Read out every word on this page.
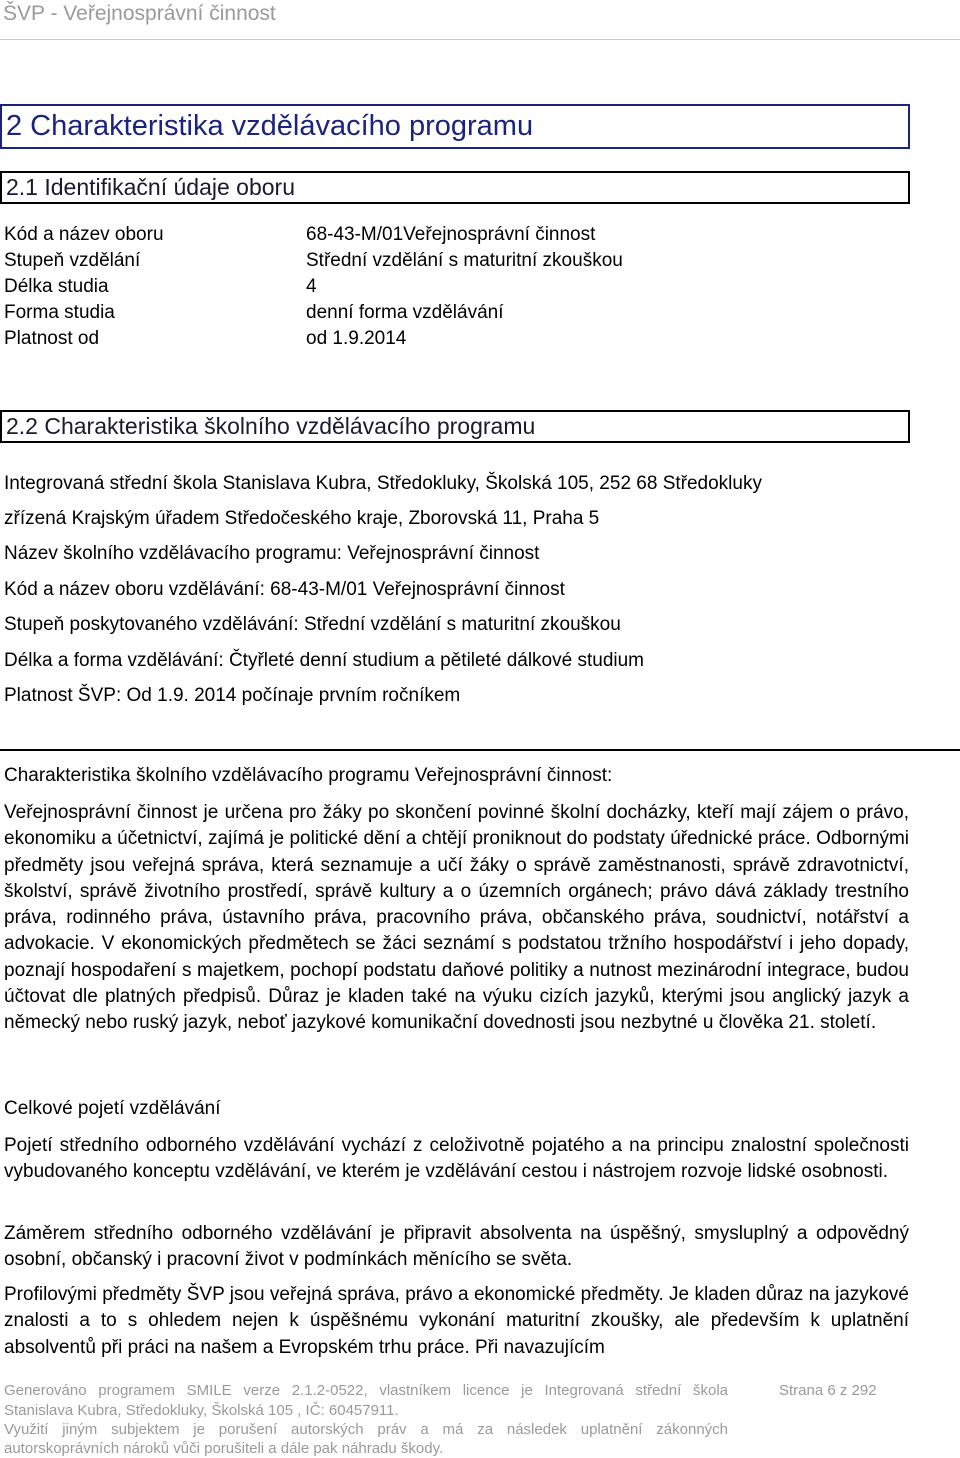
ŠVP - Veřejnosprávní činnost
2 Charakteristika vzdělávacího programu
2.1 Identifikační údaje oboru
Kód a název oboru	68-43-M/01Veřejnosprávní činnost
Stupeň vzdělání	Střední vzdělání s maturitní zkouškou
Délka studia	4
Forma studia	denní forma vzdělávání
Platnost od	od 1.9.2014
2.2 Charakteristika školního vzdělávacího programu
Integrovaná střední škola Stanislava Kubra, Středokluky, Školská 105, 252 68 Středokluky
zřízená Krajským úřadem Středočeského kraje, Zborovská 11, Praha 5
Název školního vzdělávacího programu: Veřejnosprávní činnost
Kód a název oboru vzdělávání: 68-43-M/01 Veřejnosprávní činnost
Stupeň poskytovaného vzdělávání: Střední vzdělání s maturitní zkouškou
Délka a forma vzdělávání: Čtyřleté denní studium a pětileté dálkové studium
Platnost ŠVP: Od 1.9. 2014 počínaje prvním ročníkem
Charakteristika školního vzdělávacího programu Veřejnosprávní činnost:
Veřejnosprávní činnost je určena pro žáky po skončení povinné školní docházky, kteří mají zájem o právo, ekonomiku a účetnictví, zajímá je politické dění a chtějí proniknout do podstaty úřednické práce. Odbornými předměty jsou veřejná správa, která seznamuje a učí žáky o správě zaměstnanosti, správě zdravotnictví, školství, správě životního prostředí, správě kultury a o územních orgánech; právo dává základy trestního práva, rodinného práva, ústavního práva, pracovního práva, občanského práva, soudnictví, notářství a advokacie. V ekonomických předmětech se žáci seznámí s podstatou tržního hospodářství i jeho dopady, poznají hospodaření s majetkem, pochopí podstatu daňové politiky a nutnost mezinárodní integrace, budou účtovat dle platných předpisů. Důraz je kladen také na výuku cizích jazyků, kterými jsou anglický jazyk a německý nebo ruský jazyk, neboť jazykové komunikační dovednosti jsou nezbytné u člověka 21. století.
Celkové pojetí vzdělávání
Pojetí středního odborného vzdělávání vychází z celoživotně pojatého a na principu znalostní společnosti vybudovaného konceptu vzdělávání, ve kterém je vzdělávání cestou i nástrojem rozvoje lidské osobnosti.
Záměrem středního odborného vzdělávání je připravit absolventa na úspěšný, smysluplný a odpovědný osobní, občanský i pracovní život v podmínkách měnícího se světa.
Profilovými předměty ŠVP jsou veřejná správa, právo a ekonomické předměty. Je kladen důraz na jazykové znalosti a to s ohledem nejen k úspěšnému vykonání maturitní zkoušky, ale především k uplatnění absolventů při práci na našem a Evropském trhu práce. Při navazujícím
Generováno programem SMILE verze 2.1.2-0522, vlastníkem licence je Integrovaná střední škola	Strana 6 z 292
Stanislava Kubra, Středokluky, Školská 105 , IČ: 60457911.
Využití jiným subjektem je porušení autorských práv a má za následek uplatnění zákonných
autorskoprávních nároků vůči porušiteli a dále pak náhradu škody.
